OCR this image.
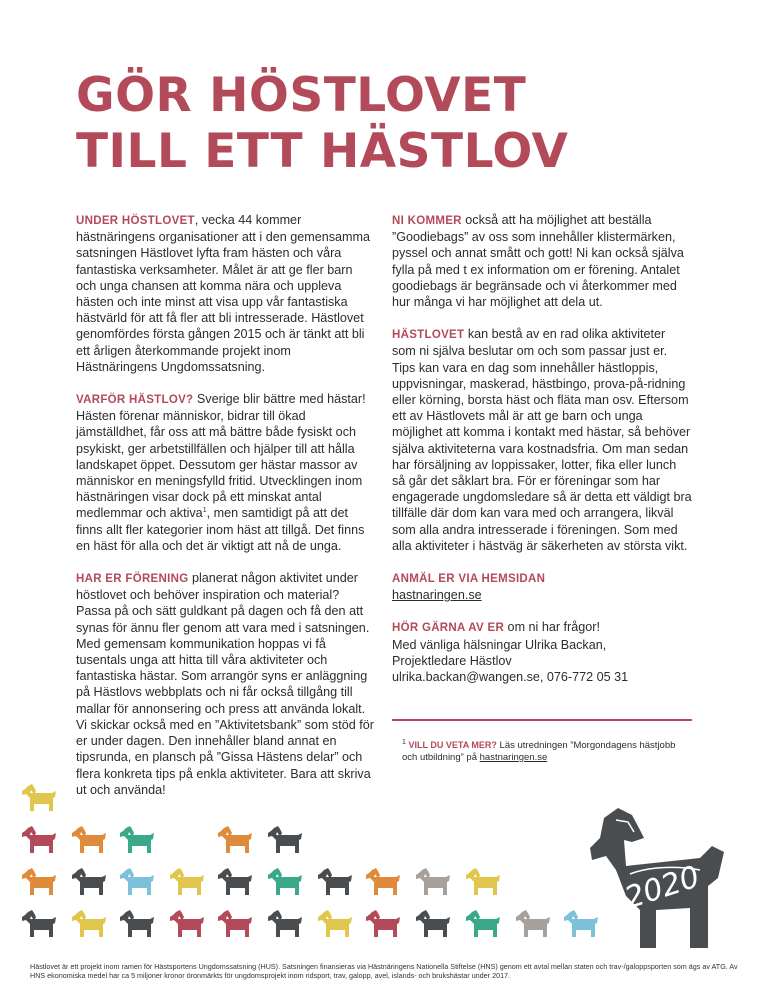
GÖR HÖSTLOVET
TILL ETT HÄSTLOV

UNDER HÖSTLOVET, vecka 44 kommer hästnäringens organisationer att i den gemensamma satsningen Hästlovet lyfta fram hästen och våra fantastiska verksamheter. Målet är att ge fler barn och unga chansen att komma nära och uppleva hästen och inte minst att visa upp vår fantastiska hästvärld för att få fler att bli intresserade. Hästlovet genomfördes första gången 2015 och är tänkt att bli ett årligen återkommande projekt inom Hästnäringens Ungdomssatsning.

VARFÖR HÄSTLOV? Sverige blir bättre med hästar! Hästen förenar människor, bidrar till ökad jämställdhet, får oss att må bättre både fysiskt och psykiskt, ger arbetstillfällen och hjälper till att hålla landskapet öppet. Dessutom ger hästar massor av människor en meningsfylld fritid. Utvecklingen inom hästnäringen visar dock på ett minskat antal medlemmar och aktiva$^1$, men samtidigt på att det finns allt fler kategorier inom häst att tillgå. Det finns en häst för alla och det är viktigt att nå de unga.

HAR ER FÖRENING planerat någon aktivitet under höstlovet och behöver inspiration och material? Passa på och sätt guldkant på dagen och få den att synas för ännu fler genom att vara med i satsningen. Med gemensam kommunikation hoppas vi få tusentals unga att hitta till våra aktiviteter och fantastiska hästar. Som arrangör syns er anläggning på Hästlovs webbplats och ni får också tillgång till mallar för annonsering och press att använda lokalt. Vi skickar också med en ”Aktivitetsbank” som stöd för er under dagen. Den innehåller bland annat en tipsrunda, en plansch på ”Gissa Hästens delar” och flera konkreta tips på enkla aktiviteter. Bara att skriva ut och använda!

NI KOMMER också att ha möjlighet att beställa ”Goodiebags” av oss som innehåller klistermärken, pyssel och annat smått och gott! Ni kan också själva fylla på med t ex information om er förening. Antalet goodiebags är begränsade och vi återkommer med hur många vi har möjlighet att dela ut.

HÄSTLOVET kan bestå av en rad olika aktiviteter som ni själva beslutar om och som passar just er. Tips kan vara en dag som innehåller hästloppis, uppvisningar, maskerad, hästbingo, prova-på-ridning eller körning, borsta häst och fläta man osv. Eftersom ett av Hästlovets mål är att ge barn och unga möjlighet att komma i kontakt med hästar, så behöver själva aktiviteterna vara kostnadsfria. Om man sedan har försäljning av loppissaker, lotter, fika eller lunch så går det såklart bra. För er föreningar som har engagerade ungdomsledare så är detta ett väldigt bra tillfälle där dom kan vara med och arrangera, likväl som alla andra intresserade i föreningen. Som med alla aktiviteter i hästväg är säkerheten av största vikt.

ANMÄL ER VIA HEMSIDAN
hastnaringen.se

HÖR GÄRNA AV ER om ni har frågor!
Med vänliga hälsningar Ulrika Backan,
Projektledare Hästlov
ulrika.backan@wangen.se, 076-772 05 31

$^1$ VILL DU VETA MER? Läs utredningen ”Morgondagens hästjobb och utbildning” på hastnaringen.se
2020
Hästlovet är ett projekt inom ramen för Hästsportens Ungdomssatsning (HUS). Satsningen finansieras via Hästnäringens Nationella Stiftelse (HNS) genom ett avtal mellan staten och trav-/galoppsporten som ägs av ATG. Av HNS ekonomiska medel har ca 5 miljoner kronor öronmärkts för ungdomsprojekt inom ridsport, trav, galopp, avel, islands- och brukshästar under 2017.
